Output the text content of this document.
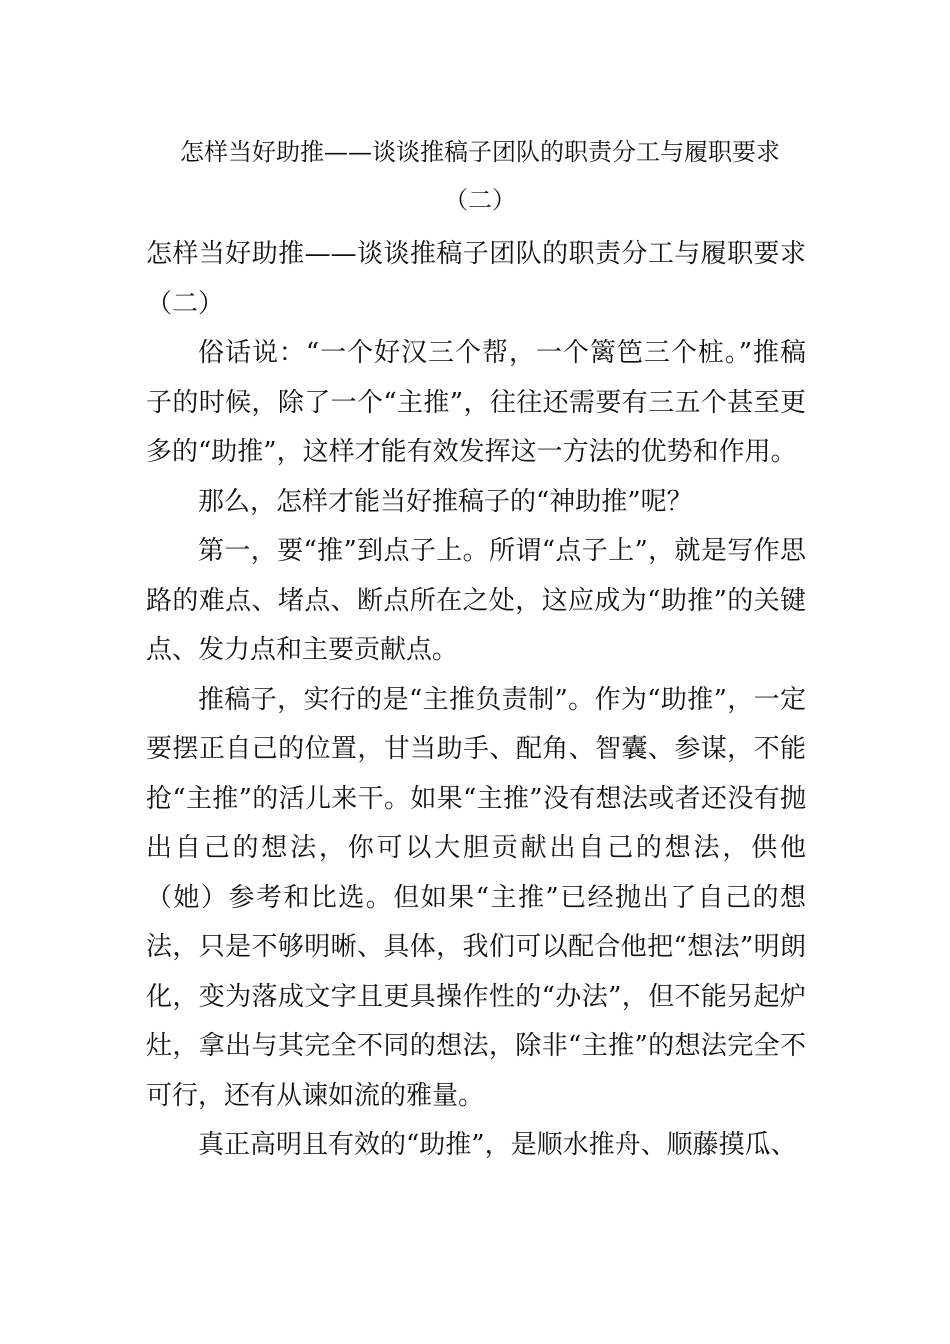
怎样当好助推——谈谈推稿子团队的职责分工与履职要求
（二）

怎样当好助推——谈谈推稿子团队的职责分工与履职要求（二）

俗话说：“一个好汉三个帮，一个篱笆三个桩。”推稿子的时候，除了一个“主推”，往往还需要有三五个甚至更多的“助推”，这样才能有效发挥这一方法的优势和作用。

那么，怎样才能当好推稿子的“神助推”呢？

第一，要“推”到点子上。所谓“点子上”，就是写作思路的难点、堵点、断点所在之处，这应成为“助推”的关键点、发力点和主要贡献点。

推稿子，实行的是“主推负责制”。作为“助推”，一定要摆正自己的位置，甘当助手、配角、智囊、参谋，不能抢“主推”的活儿来干。如果“主推”没有想法或者还没有抛出自己的想法，你可以大胆贡献出自己的想法，供他（她）参考和比选。但如果“主推”已经抛出了自己的想法，只是不够明晰、具体，我们可以配合他把“想法”明朗化，变为落成文字且更具操作性的“办法”，但不能另起炉灶，拿出与其完全不同的想法，除非“主推”的想法完全不可行，还有从谏如流的雅量。

真正高明且有效的“助推”，是顺水推舟、顺藤摸瓜、
